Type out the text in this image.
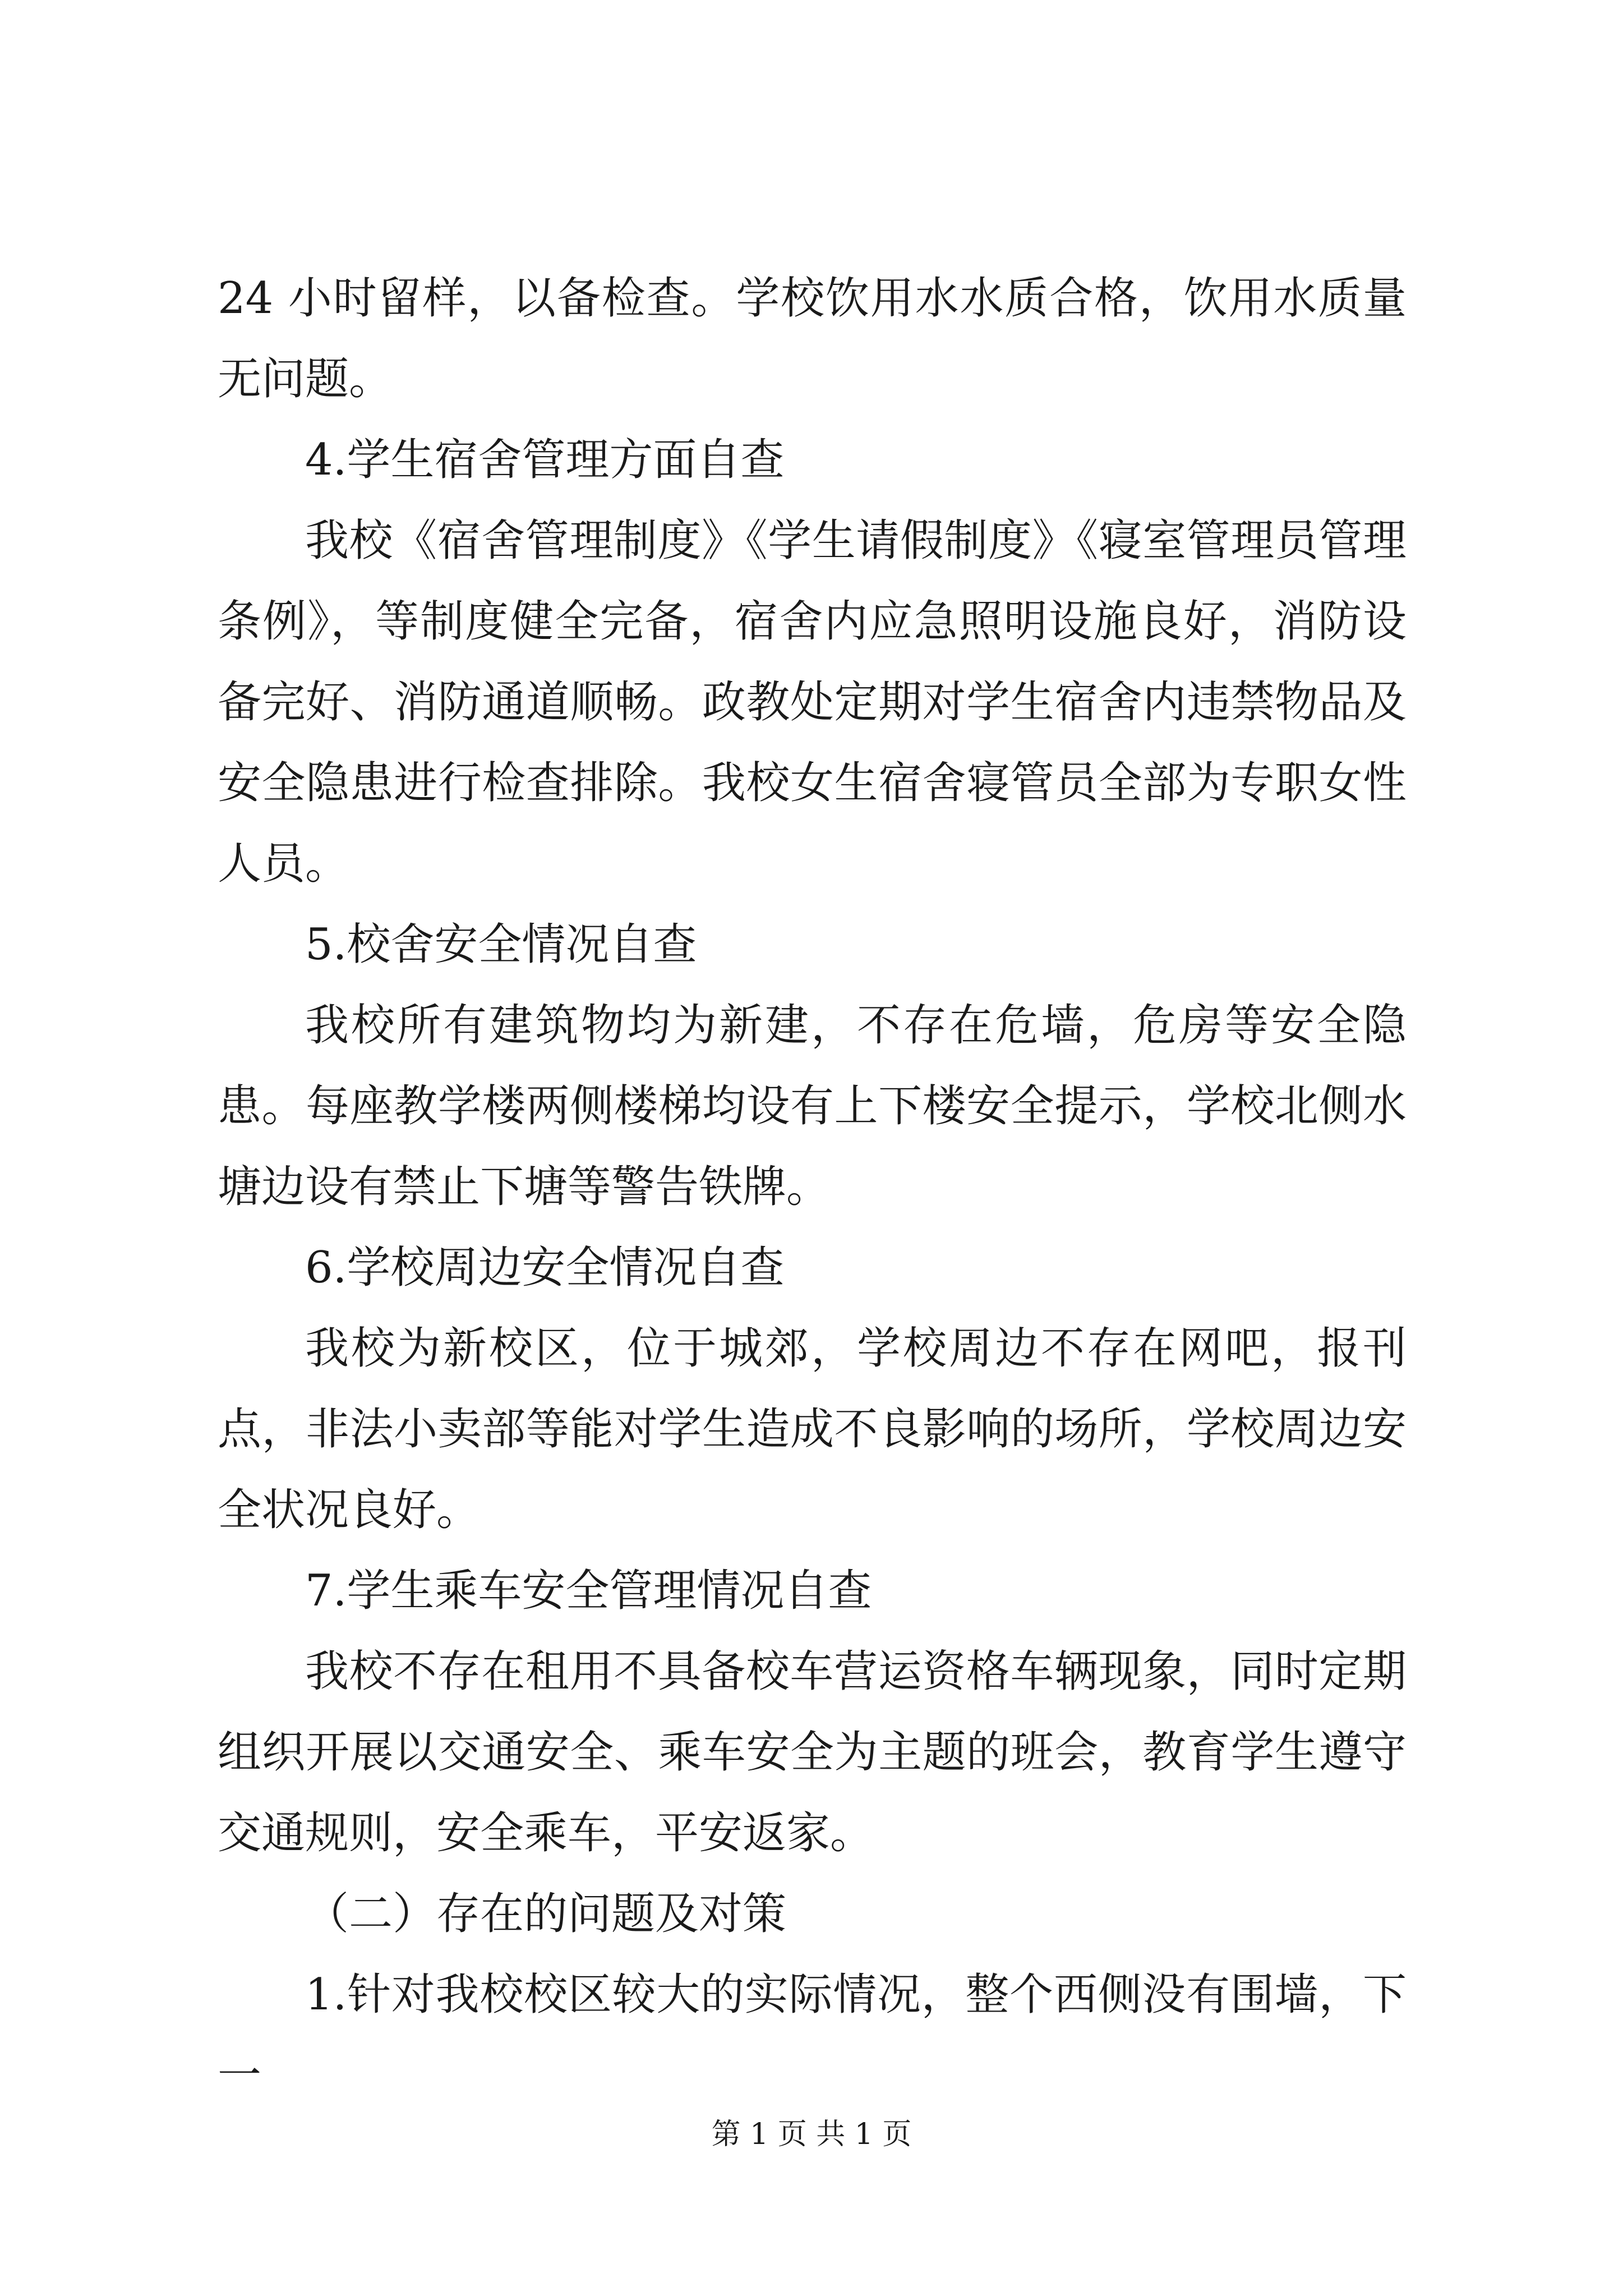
24 小时留样，以备检查。学校饮用水水质合格，饮用水质量无问题。

4.学生宿舍管理方面自查

我校《宿舍管理制度》《学生请假制度》《寝室管理员管理条例》，等制度健全完备，宿舍内应急照明设施良好，消防设备完好、消防通道顺畅。政教处定期对学生宿舍内违禁物品及安全隐患进行检查排除。我校女生宿舍寝管员全部为专职女性人员。

5.校舍安全情况自查

我校所有建筑物均为新建，不存在危墙，危房等安全隐患。每座教学楼两侧楼梯均设有上下楼安全提示，学校北侧水塘边设有禁止下塘等警告铁牌。

6.学校周边安全情况自查

我校为新校区，位于城郊，学校周边不存在网吧，报刊点，非法小卖部等能对学生造成不良影响的场所，学校周边安全状况良好。

7.学生乘车安全管理情况自查

我校不存在租用不具备校车营运资格车辆现象，同时定期组织开展以交通安全、乘车安全为主题的班会，教育学生遵守交通规则，安全乘车，平安返家。

（二）存在的问题及对策

1.针对我校校区较大的实际情况，整个西侧没有围墙，下一

第 1 页 共 1 页
